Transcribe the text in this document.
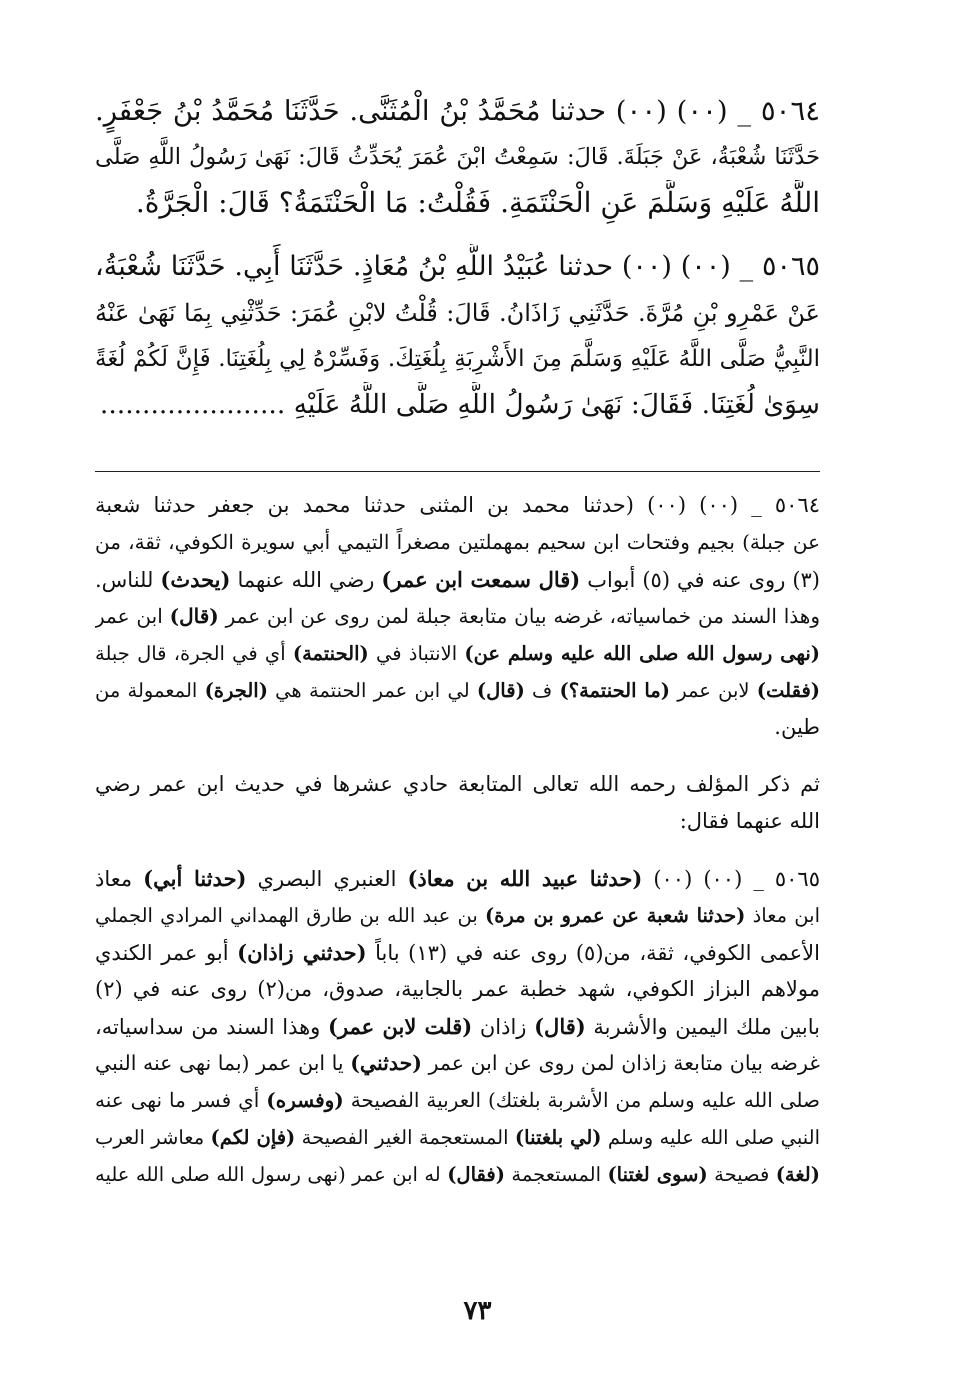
٥٠٦٤ _ (٠٠) (٠٠) حدثنا مُحَمَّدُ بْنُ الْمُثَنَّى. حَدَّثَنَا مُحَمَّدُ بْنُ جَعْفَرٍ.
حَدَّثَنَا شُعْبَةُ، عَنْ جَبَلَةَ. قَالَ: سَمِعْتُ ابْنَ عُمَرَ يُحَدِّثُ قَالَ: نَهَىٰ رَسُولُ اللَّهِ صَلَّى
اللَّهُ عَلَيْهِ وَسَلَّمَ عَنِ الْحَنْتَمَةِ. فَقُلْتُ: مَا الْحَنْتَمَةُ؟ قَالَ: الْجَرَّةُ.
٥٠٦٥ _ (٠٠) (٠٠) حدثنا عُبَيْدُ اللَّهِ بْنُ مُعَاذٍ. حَدَّثَنَا أَبِي. حَدَّثَنَا شُعْبَةُ،
عَنْ عَمْرِو بْنِ مُرَّةَ. حَدَّثَنِي زَاذَانُ. قَالَ: قُلْتُ لابْنِ عُمَرَ: حَدِّثْنِي بِمَا نَهَىٰ عَنْهُ
النَّبِيُّ صَلَّى اللَّهُ عَلَيْهِ وَسَلَّمَ مِنَ الأَشْرِبَةِ بِلُغَتِكَ. وَفَسِّرْهُ لِي بِلُغَتِنَا. فَإِنَّ لَكُمْ لُغَةً
سِوَىٰ لُغَتِنَا. فَقَالَ: نَهَىٰ رَسُولُ اللَّهِ صَلَّى اللَّهُ عَلَيْهِ ......................
٥٠٦٤ _ (٠٠) (٠٠) (حدثنا محمد بن المثنى حدثنا محمد بن جعفر حدثنا شعبة
عن جبلة) بجيم وفتحات ابن سحيم بمهملتين مصغراً التيمي أبي سويرة الكوفي، ثقة، من
(٣) روى عنه في (٥) أبواب (قال سمعت ابن عمر) رضي الله عنهما (يحدث) للناس.
وهذا السند من خماسياته، غرضه بيان متابعة جبلة لمن روى عن ابن عمر (قال) ابن عمر
(نهى رسول الله صلى الله عليه وسلم عن) الانتباذ في (الحنتمة) أي في الجرة، قال جبلة
(فقلت) لابن عمر (ما الحنتمة؟) ف (قال) لي ابن عمر الحنتمة هي (الجرة) المعمولة من
طين.
ثم ذكر المؤلف رحمه الله تعالى المتابعة حادي عشرها في حديث ابن عمر رضي
الله عنهما فقال:
٥٠٦٥ _ (٠٠) (٠٠) (حدثنا عبيد الله بن معاذ) العنبري البصري (حدثنا أبي) معاذ
ابن معاذ (حدثنا شعبة عن عمرو بن مرة) بن عبد الله بن طارق الهمداني المرادي الجملي
الأعمى الكوفي، ثقة، من(٥) روى عنه في (١٣) باباً (حدثني زاذان) أبو عمر الكندي
مولاهم البزاز الكوفي، شهد خطبة عمر بالجابية، صدوق، من(٢) روى عنه في (٢)
بابين ملك اليمين والأشربة (قال) زاذان (قلت لابن عمر) وهذا السند من سداسياته،
غرضه بيان متابعة زاذان لمن روى عن ابن عمر (حدثني) يا ابن عمر (بما نهى عنه النبي
صلى الله عليه وسلم من الأشربة بلغتك) العربية الفصيحة (وفسره) أي فسر ما نهى عنه
النبي صلى الله عليه وسلم (لي بلغتنا) المستعجمة الغير الفصيحة (فإن لكم) معاشر العرب
(لغة) فصيحة (سوى لغتنا) المستعجمة (فقال) له ابن عمر (نهى رسول الله صلى الله عليه
٧٣
